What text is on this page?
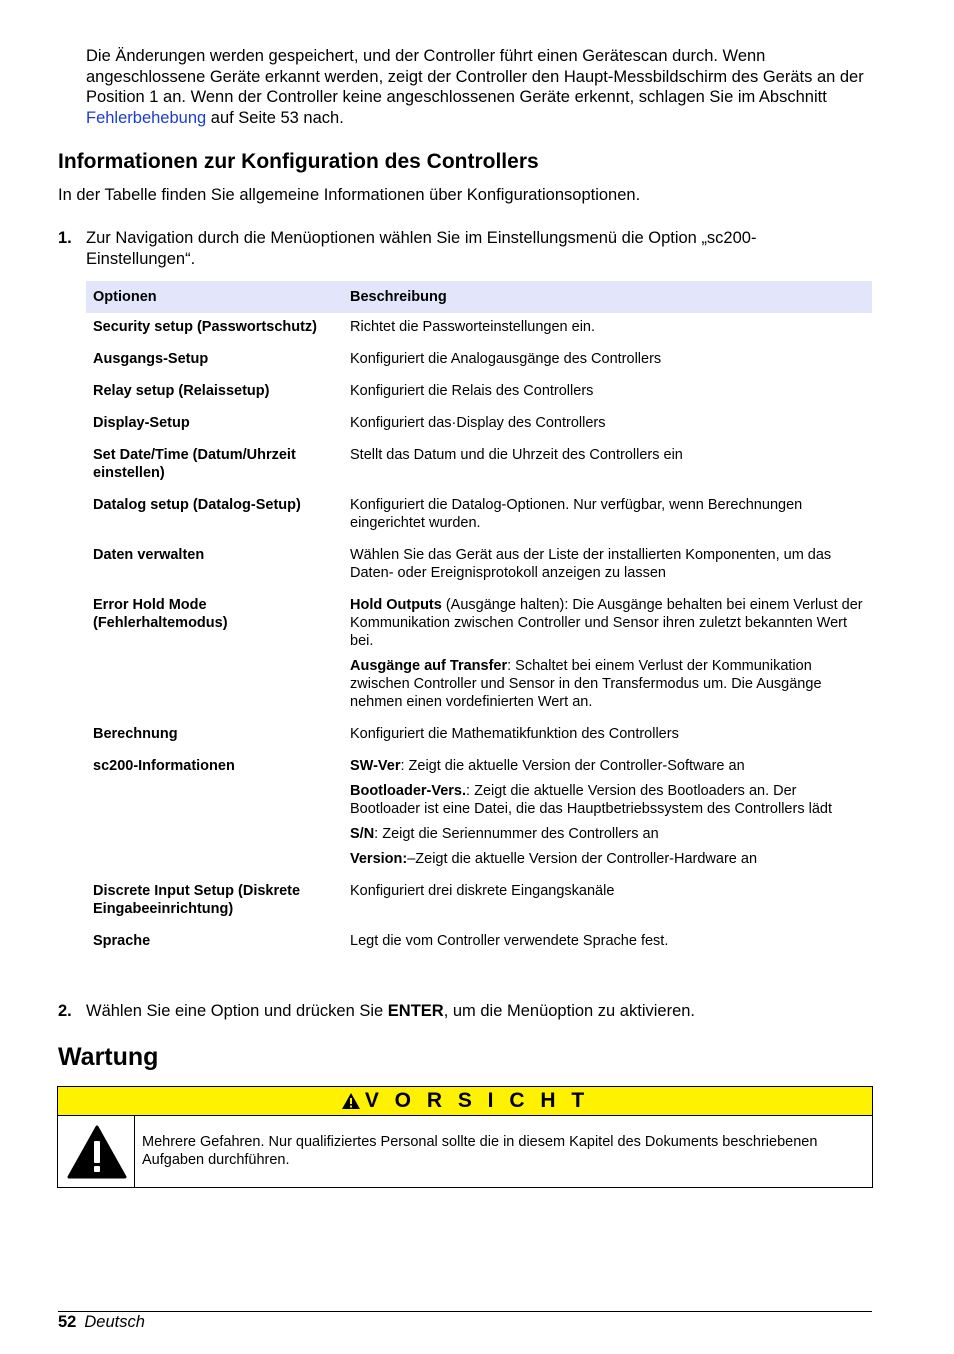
Die Änderungen werden gespeichert, und der Controller führt einen Gerätescan durch. Wenn angeschlossene Geräte erkannt werden, zeigt der Controller den Haupt-Messbildschirm des Geräts an der Position 1 an. Wenn der Controller keine angeschlossenen Geräte erkennt, schlagen Sie im Abschnitt Fehlerbehebung auf Seite 53 nach.

Informationen zur Konfiguration des Controllers

In der Tabelle finden Sie allgemeine Informationen über Konfigurationsoptionen.

1. Zur Navigation durch die Menüoptionen wählen Sie im Einstellungsmenü die Option „sc200-Einstellungen“.
Optionen	Beschreibung
Security setup (Passwortschutz)	Richtet die Passworteinstellungen ein.

Ausgangs-Setup	Konfiguriert die Analogausgänge des Controllers

Relay setup (Relaissetup)	Konfiguriert die Relais des Controllers

Display-Setup	Konfiguriert das·Display des Controllers

Set Date/Time (Datum/Uhrzeit einstellen)	Stellt das Datum und die Uhrzeit des Controllers ein

Datalog setup (Datalog-Setup)	Konfiguriert die Datalog-Optionen. Nur verfügbar, wenn Berechnungen eingerichtet wurden.

Daten verwalten	Wählen Sie das Gerät aus der Liste der installierten Komponenten, um das Daten- oder Ereignisprotokoll anzeigen zu lassen

Error Hold Mode (Fehlerhaltemodus)	Hold Outputs (Ausgänge halten): Die Ausgänge behalten bei einem Verlust der Kommunikation zwischen Controller und Sensor ihren zuletzt bekannten Wert bei.

Ausgänge auf Transfer: Schaltet bei einem Verlust der Kommunikation zwischen Controller und Sensor in den Transfermodus um. Die Ausgänge nehmen einen vordefinierten Wert an.

Berechnung	Konfiguriert die Mathematikfunktion des Controllers

sc200-Informationen	SW-Ver: Zeigt die aktuelle Version der Controller-Software an

Bootloader-Vers.: Zeigt die aktuelle Version des Bootloaders an. Der Bootloader ist eine Datei, die das Hauptbetriebssystem des Controllers lädt

S/N: Zeigt die Seriennummer des Controllers an

Version:–Zeigt die aktuelle Version der Controller-Hardware an

Discrete Input Setup (Diskrete Eingabeeinrichtung)	Konfiguriert drei diskrete Eingangskanäle

Sprache	Legt die vom Controller verwendete Sprache fest.

2. Wählen Sie eine Option und drücken Sie ENTER, um die Menüoption zu aktivieren.
Wartung
V O R S I C H T

Mehrere Gefahren. Nur qualifiziertes Personal sollte die in diesem Kapitel des Dokuments beschriebenen Aufgaben durchführen.

52 Deutsch
